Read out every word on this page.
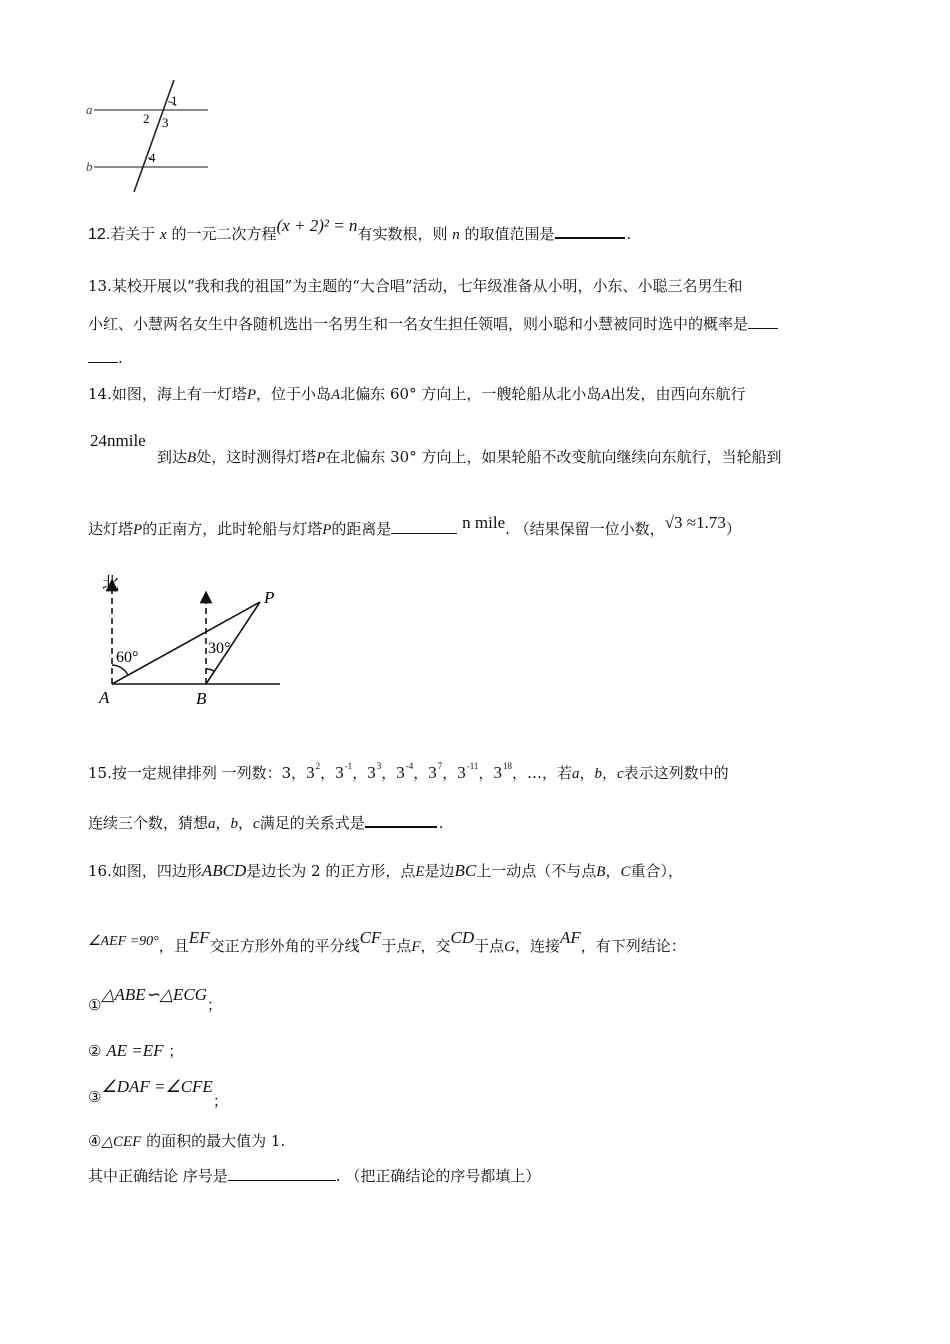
a
b
1
2 3
4
12.若关于 x 的一元二次方程(x + 2)² = n有实数根，则 n 的取值范围是	.
13.某校开展以“我和我的祖国”为主题的“大合唱”活动，七年级准备从小明，小东、小聪三名男生和
小红、小慧两名女生中各随机选出一名男生和一名女生担任领唱，则小聪和小慧被同时选中的概率是
.
14.如图，海上有一灯塔P，位于小岛A北偏东 60° 方向上，一艘轮船从北小岛A出发，由西向东航行
24nmile
到达B处，这时测得灯塔P在北偏东 30° 方向上，如果轮船不改变航向继续向东航行，当轮船到
达灯塔P的正南方，此时轮船与灯塔P的距离是	n mile. （结果保留一位小数，√3 ≈1.73）
北
60°
30°
A	B
P
15.按一定规律排列 一列数：3，$3^2$，$3^{-1}$，$3^3$，$3^{-4}$，$3^7$，$3^{-11}$，$3^{18}$，…，若a，b，c表示这列数中的
连续三个数，猜想a，b，c满足的关系式是	.
16.如图，四边形ABCD是边长为 2 的正方形，点E是边BC上一动点（不与点B，C重合），
∠AEF =90°，且EF交正方形外角的平分线CF于点F，交CD于点G，连接AF，有下列结论：
①△ABE∽△ECG；
② AE =EF ；
③∠DAF =∠CFE；
④△CEF 的面积的最大值为 1.
其中正确结论 序号是	. （把正确结论的序号都填上）
